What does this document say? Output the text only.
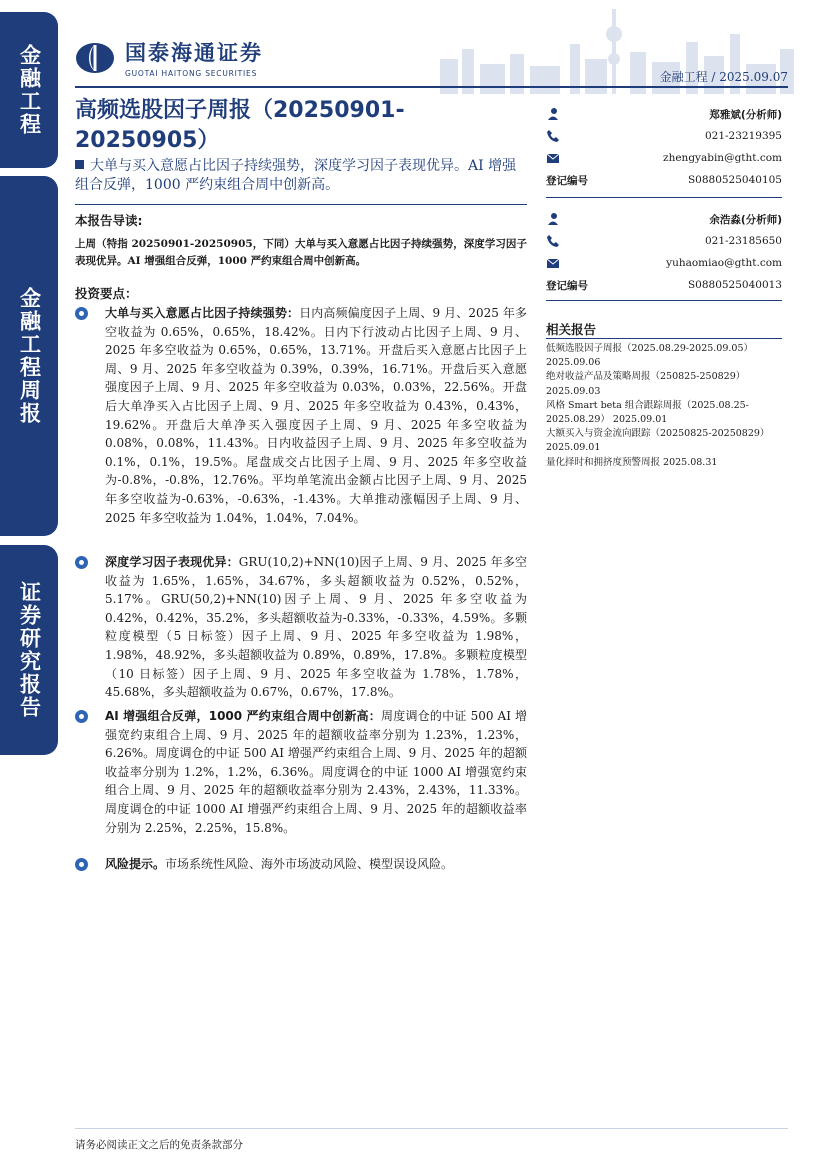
金融工程
金融工程周报
证券研究报告
国泰海通证券
GUOTAI HAITONG SECURITIES	金融工程 / 2025.09.07
高频选股因子周报（20250901-20250905）
大单与买入意愿占比因子持续强势，深度学习因子表现优异。AI 增强组合反弹，1000 严约束组合周中创新高。
本报告导读:
上周（特指 20250901-20250905，下同）大单与买入意愿占比因子持续强势，深度学习因子表现优异。AI 增强组合反弹，1000 严约束组合周中创新高。
投资要点：

大单与买入意愿占比因子持续强势：日内高频偏度因子上周、9 月、2025 年多空收益为 0.65%，0.65%，18.42%。日内下行波动占比因子上周、9 月、2025 年多空收益为 0.65%，0.65%，13.71%。开盘后买入意愿占比因子上周、9 月、2025 年多空收益为 0.39%，0.39%，16.71%。开盘后买入意愿强度因子上周、9 月、2025 年多空收益为 0.03%，0.03%，22.56%。开盘后大单净买入占比因子上周、9 月、2025 年多空收益为 0.43%，0.43%，19.62%。开盘后大单净买入强度因子上周、9 月、2025 年多空收益为 0.08%，0.08%，11.43%。日内收益因子上周、9 月、2025 年多空收益为 0.1%，0.1%，19.5%。尾盘成交占比因子上周、9 月、2025 年多空收益为-0.8%，-0.8%，12.76%。平均单笔流出金额占比因子上周、9 月、2025 年多空收益为-0.63%，-0.63%，-1.43%。大单推动涨幅因子上周、9 月、2025 年多空收益为 1.04%，1.04%，7.04%。

深度学习因子表现优异：GRU(10,2)+NN(10)因子上周、9 月、2025 年多空收益为 1.65%，1.65%，34.67%，多头超额收益为 0.52%，0.52%，5.17%。GRU(50,2)+NN(10)因子上周、9 月、2025 年多空收益为 0.42%，0.42%，35.2%，多头超额收益为-0.33%，-0.33%，4.59%。多颗粒度模型（5 日标签）因子上周、9 月、2025 年多空收益为 1.98%，1.98%，48.92%，多头超额收益为 0.89%，0.89%，17.8%。多颗粒度模型（10 日标签）因子上周、9 月、2025 年多空收益为 1.78%，1.78%，45.68%，多头超额收益为 0.67%，0.67%，17.8%。

AI 增强组合反弹，1000 严约束组合周中创新高：周度调仓的中证 500 AI 增强宽约束组合上周、9 月、2025 年的超额收益率分别为 1.23%，1.23%，6.26%。周度调仓的中证 500 AI 增强严约束组合上周、9 月、2025 年的超额收益率分别为 1.2%，1.2%，6.36%。周度调仓的中证 1000 AI 增强宽约束组合上周、9 月、2025 年的超额收益率分别为 2.43%，2.43%，11.33%。周度调仓的中证 1000 AI 增强严约束组合上周、9 月、2025 年的超额收益率分别为 2.25%，2.25%，15.8%。

风险提示。市场系统性风险、海外市场波动风险、模型误设风险。

郑雅斌(分析师)
021-23219395
zhengyabin@gtht.com
登记编号	S0880525040105
余浩淼(分析师)
021-23185650
yuhaomiao@gtht.com
登记编号	S0880525040013
相关报告
低频选股因子周报（2025.08.29-2025.09.05）
2025.09.06
绝对收益产品及策略周报（250825-250829）
2025.09.03
风格 Smart beta 组合跟踪周报（2025.08.25-
2025.08.29） 2025.09.01
大额买入与资金流向跟踪（20250825-20250829）
2025.09.01
量化择时和拥挤度预警周报 2025.08.31
请务必阅读正文之后的免责条款部分
